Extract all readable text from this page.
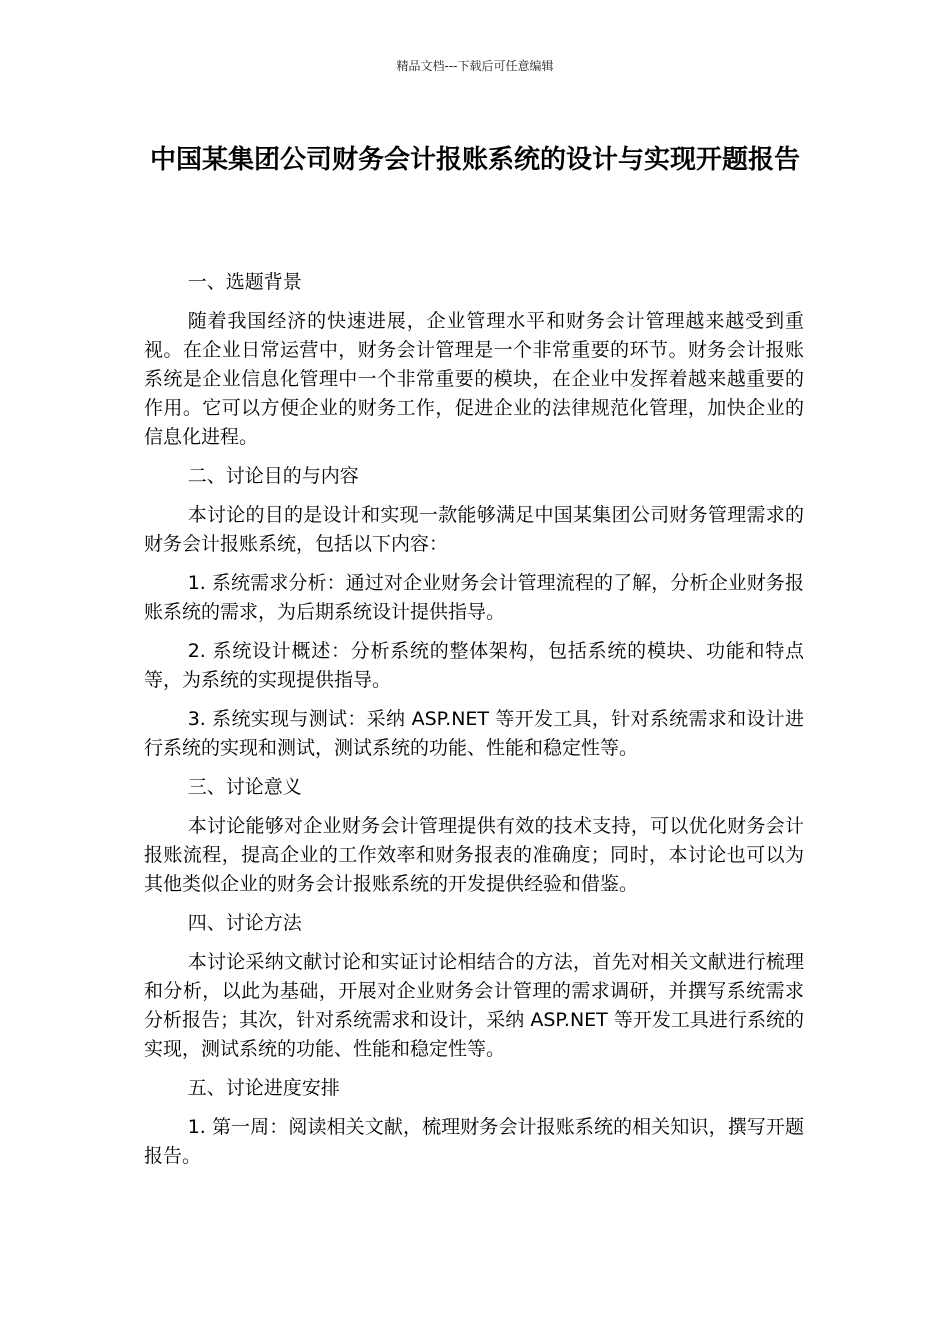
精品文档---下载后可任意编辑
中国某集团公司财务会计报账系统的设计与实现开题报告

一、选题背景

随着我国经济的快速进展，企业管理水平和财务会计管理越来越受到重视。在企业日常运营中，财务会计管理是一个非常重要的环节。财务会计报账系统是企业信息化管理中一个非常重要的模块，在企业中发挥着越来越重要的作用。它可以方便企业的财务工作，促进企业的法律规范化管理，加快企业的信息化进程。

二、讨论目的与内容

本讨论的目的是设计和实现一款能够满足中国某集团公司财务管理需求的财务会计报账系统，包括以下内容：

1. 系统需求分析：通过对企业财务会计管理流程的了解，分析企业财务报账系统的需求，为后期系统设计提供指导。

2. 系统设计概述：分析系统的整体架构，包括系统的模块、功能和特点等，为系统的实现提供指导。

3. 系统实现与测试：采纳 ASP.NET 等开发工具，针对系统需求和设计进行系统的实现和测试，测试系统的功能、性能和稳定性等。

三、讨论意义

本讨论能够对企业财务会计管理提供有效的技术支持，可以优化财务会计报账流程，提高企业的工作效率和财务报表的准确度；同时，本讨论也可以为其他类似企业的财务会计报账系统的开发提供经验和借鉴。

四、讨论方法

本讨论采纳文献讨论和实证讨论相结合的方法，首先对相关文献进行梳理和分析，以此为基础，开展对企业财务会计管理的需求调研，并撰写系统需求分析报告；其次，针对系统需求和设计，采纳 ASP.NET 等开发工具进行系统的实现，测试系统的功能、性能和稳定性等。

五、讨论进度安排

1. 第一周：阅读相关文献，梳理财务会计报账系统的相关知识，撰写开题报告。
